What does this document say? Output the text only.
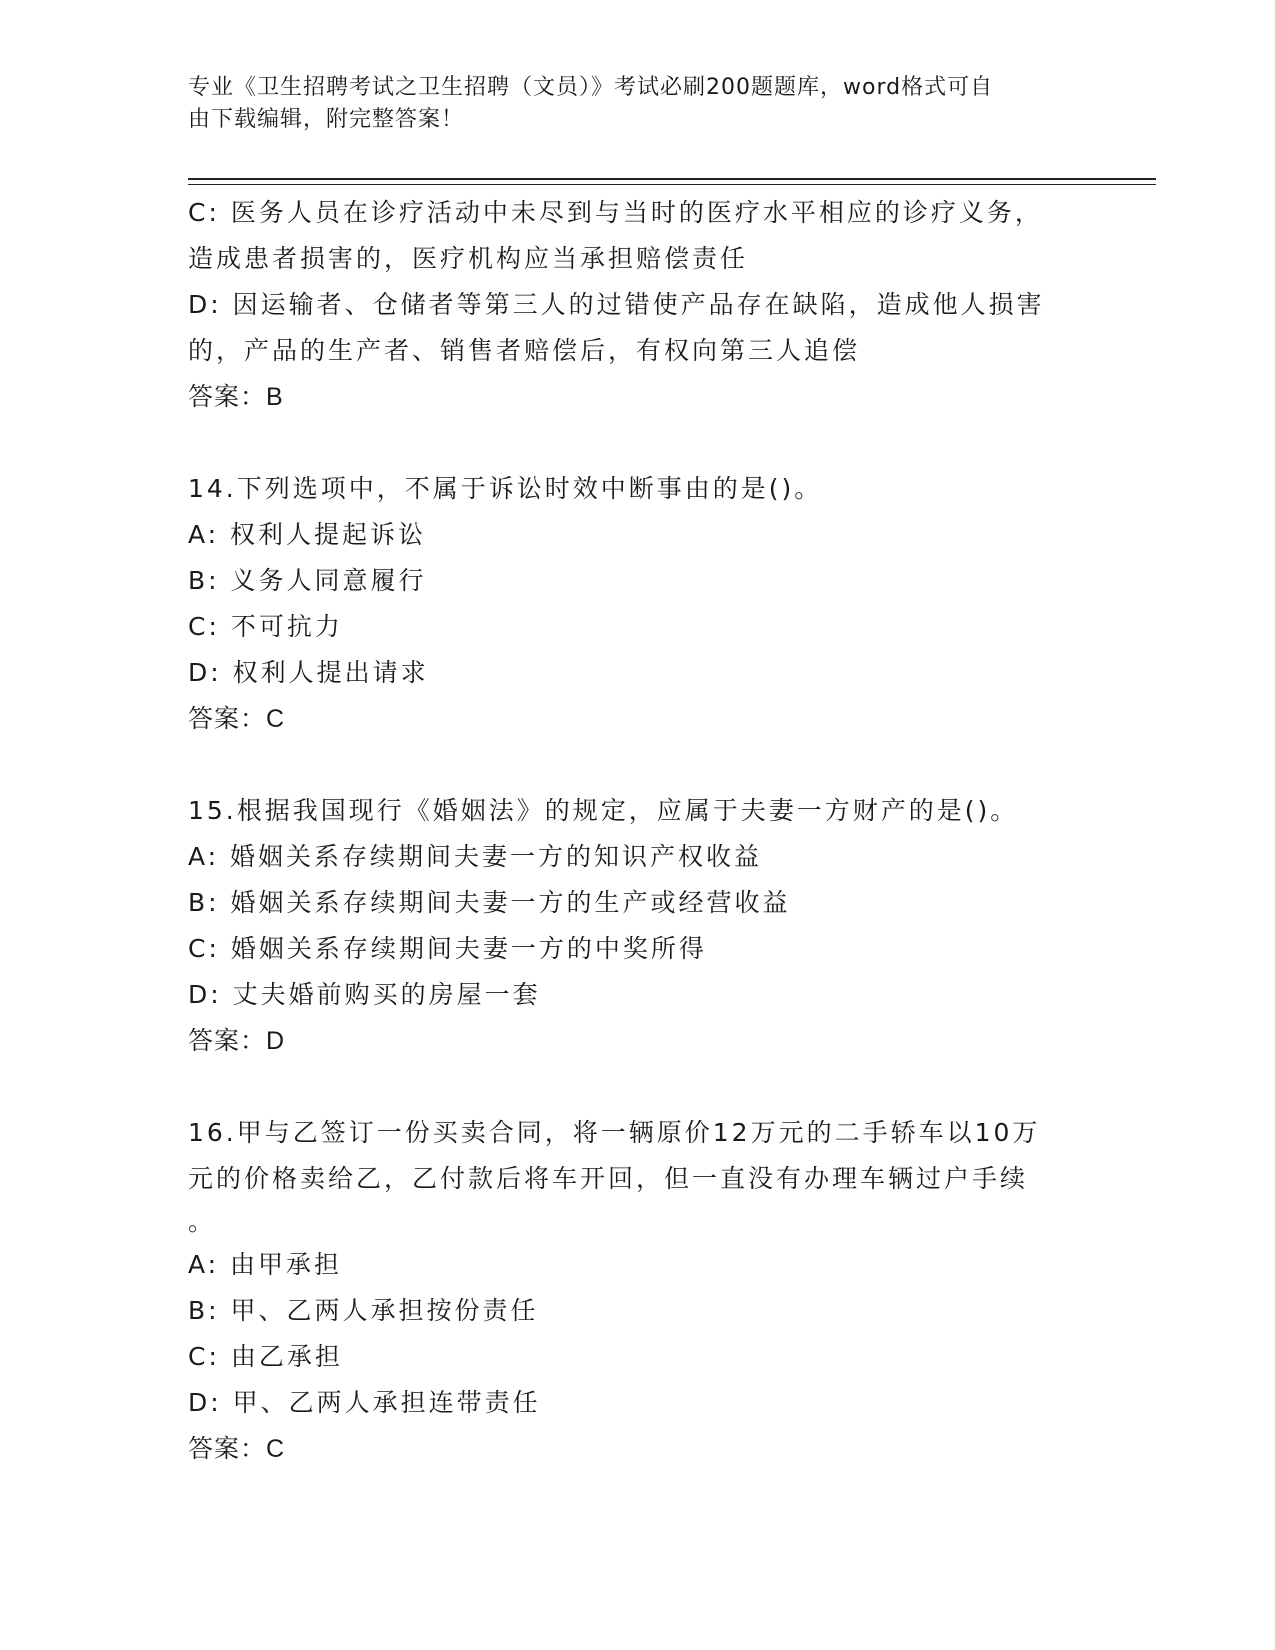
专业《卫生招聘考试之卫生招聘（文员）》考试必刷200题题库，word格式可自
由下载编辑，附完整答案！
C: 医务人员在诊疗活动中未尽到与当时的医疗水平相应的诊疗义务，
造成患者损害的，医疗机构应当承担赔偿责任
D: 因运输者、仓储者等第三人的过错使产品存在缺陷，造成他人损害
的，产品的生产者、销售者赔偿后，有权向第三人追偿
答案：B
14.下列选项中，不属于诉讼时效中断事由的是()。
A: 权利人提起诉讼
B: 义务人同意履行
C: 不可抗力
D: 权利人提出请求
答案：C
15.根据我国现行《婚姻法》的规定，应属于夫妻一方财产的是()。
A: 婚姻关系存续期间夫妻一方的知识产权收益
B: 婚姻关系存续期间夫妻一方的生产或经营收益
C: 婚姻关系存续期间夫妻一方的中奖所得
D: 丈夫婚前购买的房屋一套
答案：D
16.甲与乙签订一份买卖合同，将一辆原价12万元的二手轿车以10万
元的价格卖给乙，乙付款后将车开回，但一直没有办理车辆过户手续
。
A: 由甲承担
B: 甲、乙两人承担按份责任
C: 由乙承担
D: 甲、乙两人承担连带责任
答案：C
